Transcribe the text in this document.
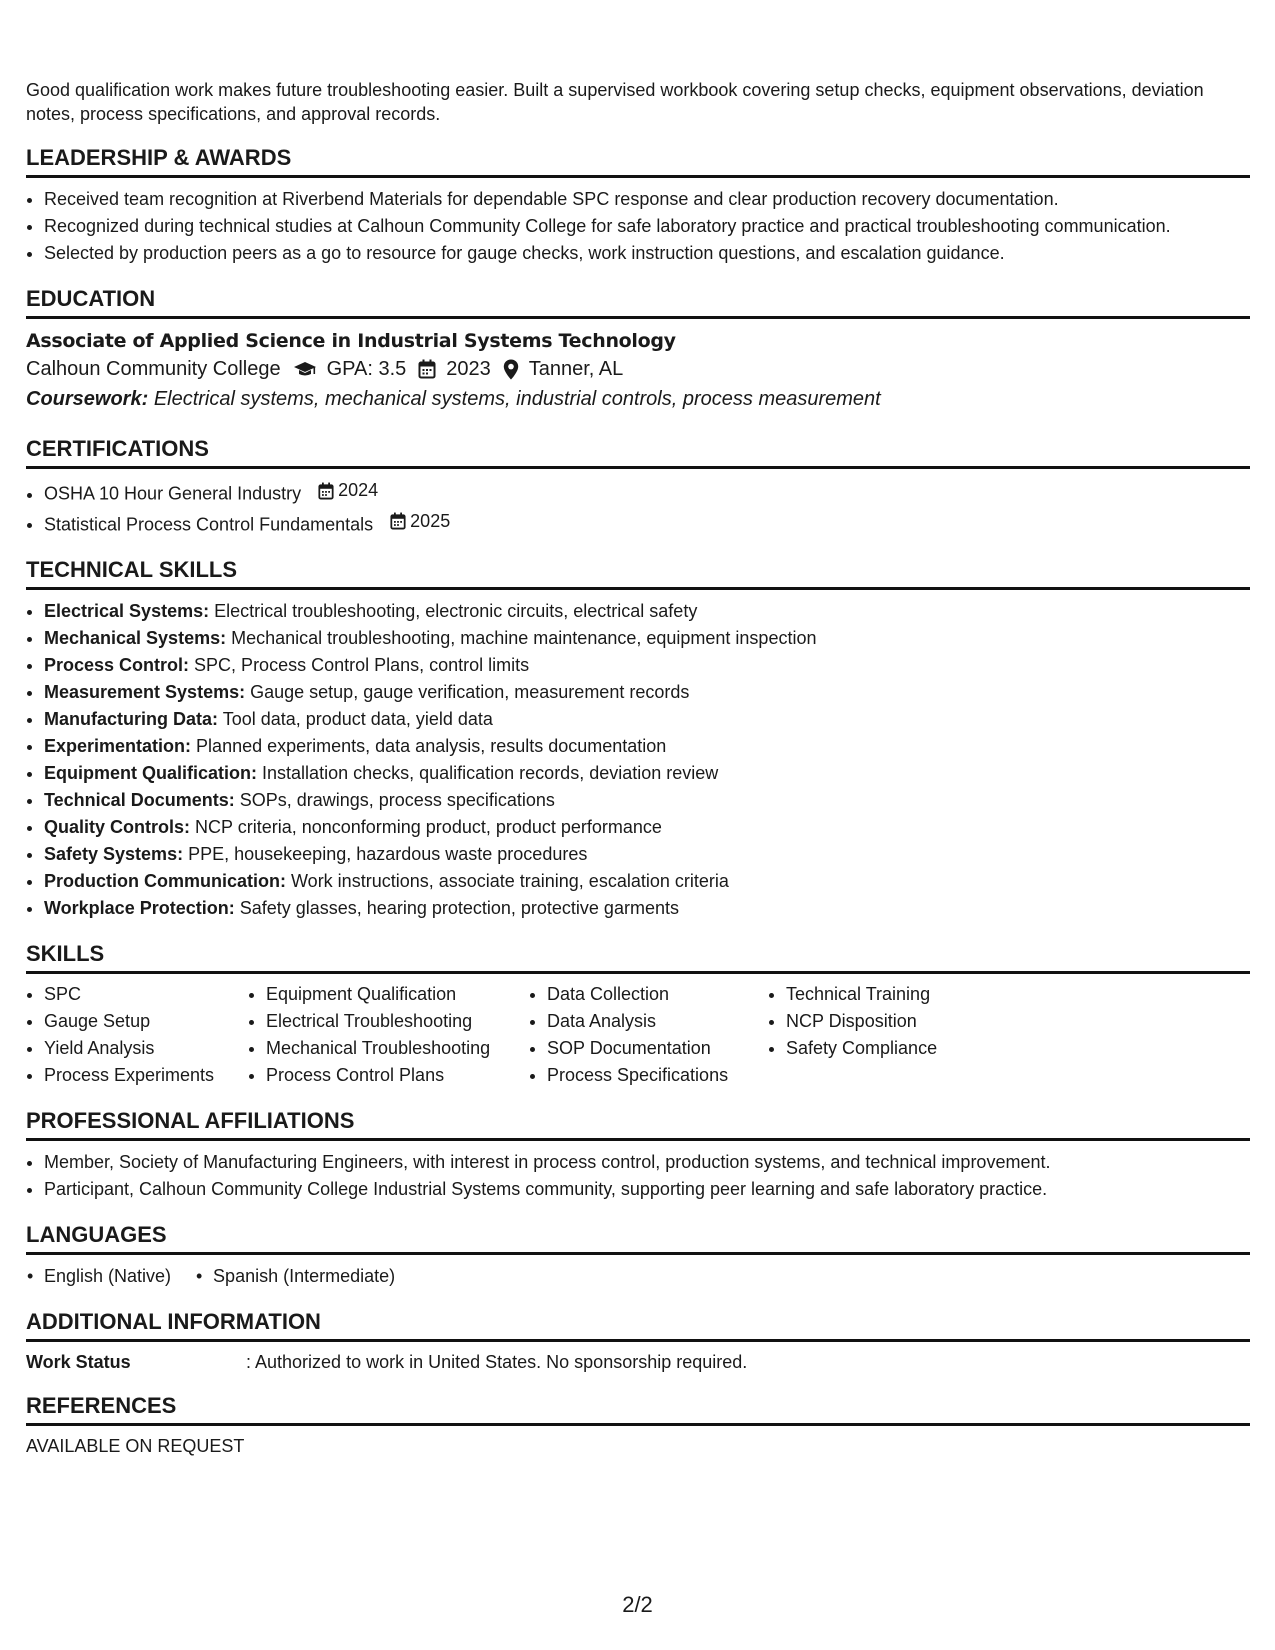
Good qualification work makes future troubleshooting easier. Built a supervised workbook covering setup checks, equipment observations, deviation notes, process specifications, and approval records.

LEADERSHIP & AWARDS
• Received team recognition at Riverbend Materials for dependable SPC response and clear production recovery documentation.
• Recognized during technical studies at Calhoun Community College for safe laboratory practice and practical troubleshooting communication.
• Selected by production peers as a go to resource for gauge checks, work instruction questions, and escalation guidance.
EDUCATION
Associate of Applied Science in Industrial Systems Technology
Calhoun Community College GPA: 3.5 2023 Tanner, AL
Coursework: Electrical systems, mechanical systems, industrial controls, process measurement
CERTIFICATIONS
• OSHA 10 Hour General Industry 2024
• Statistical Process Control Fundamentals 2025
TECHNICAL SKILLS
• Electrical Systems: Electrical troubleshooting, electronic circuits, electrical safety
• Mechanical Systems: Mechanical troubleshooting, machine maintenance, equipment inspection
• Process Control: SPC, Process Control Plans, control limits
• Measurement Systems: Gauge setup, gauge verification, measurement records
• Manufacturing Data: Tool data, product data, yield data
• Experimentation: Planned experiments, data analysis, results documentation
• Equipment Qualification: Installation checks, qualification records, deviation review
• Technical Documents: SOPs, drawings, process specifications
• Quality Controls: NCP criteria, nonconforming product, product performance
• Safety Systems: PPE, housekeeping, hazardous waste procedures
• Production Communication: Work instructions, associate training, escalation criteria
• Workplace Protection: Safety glasses, hearing protection, protective garments
SKILLS
• SPC
• Gauge Setup
• Yield Analysis
• Process Experiments
• Equipment Qualification
• Electrical Troubleshooting
• Mechanical Troubleshooting
• Process Control Plans
• Data Collection
• Data Analysis
• SOP Documentation
• Process Specifications
• Technical Training
• NCP Disposition
• Safety Compliance
PROFESSIONAL AFFILIATIONS
• Member, Society of Manufacturing Engineers, with interest in process control, production systems, and technical improvement.
• Participant, Calhoun Community College Industrial Systems community, supporting peer learning and safe laboratory practice.
LANGUAGES
• English (Native)
•	Spanish (Intermediate)
ADDITIONAL INFORMATION
Work Status	: Authorized to work in United States. No sponsorship required.
REFERENCES
AVAILABLE ON REQUEST
2/2
